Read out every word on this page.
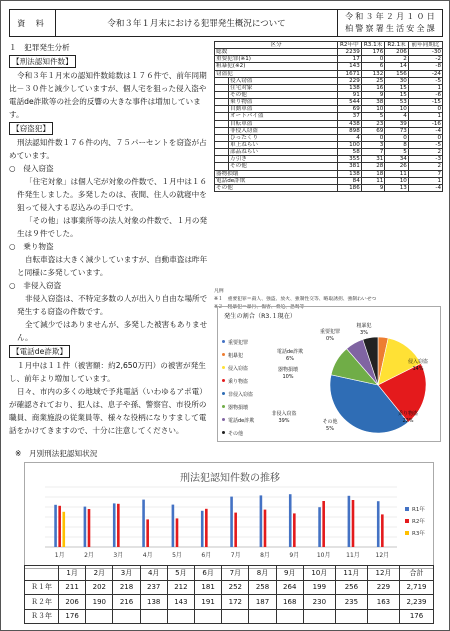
資 料	令和３年１月末における犯罪発生概況について
令和３年２月１０日
柏警察署生活安全課

１　犯罪発生分析

【刑法認知件数】

令和３年１月末の認知件数総数は１７６件で、前年同期比－３０件と減少していますが、個人宅を狙った侵入盗や電話de詐欺等の社会的反響の大きな事件は増加しています。

【窃盗犯】

刑法認知件数１７６件の内、７５パーセントを窃盗が占めています。

○　侵入窃盗

「住宅対象」は個人宅が対象の件数で、１月中は１６件発生しました。多発したのは、夜間、住人の就寝中を狙って侵入する忍込みの手口です。

「その他」は事業所等の法人対象の件数で、１月の発生は９件でした。

○　乗り物盗

自転車盗は大きく減少していますが、自動車盗は昨年と同様に多発しています。

○　非侵入窃盗

非侵入窃盗は、不特定多数の人が出入り自由な場所で発生する窃盗の件数です。

全て減少ではありませんが、多発した被害もありません。

【電話de詐欺】

１月中は１１件（被害額：約2,650万円）の被害が発生し、前年より増加しています。

日々、市内の多くの地域で予兆電話（いわゆるアポ電）が確認されており、犯人は、息子や孫、警察官、市役所の職員、商業施設の従業員等、様々な役柄になりすまして電話をかけてきますので、十分に注意してください。

区分		R2年中	R3.1末	R2.1末	前年同期比
総数		2239	176	206	-30
重要犯罪(※1)		17	0	2	-2
粗暴犯(※2)		143	6	14	-8
窃盗犯		1671	132	156	-24
	侵入窃盗	229	25	30	-5
	住宅対象	138	16	15	1
	その他	91	9	15	-6
	乗り物盗	544	38	53	-15
	自動車盗	69	10	10	0
	オートバイ盗	37	5	4	1
	自転車盗	438	23	39	-16
	非侵入窃盗	898	69	73	-4
	ひったくり	4	0	0	0
	車上ねらい	100	3	8	-5
	部品ねらい	58	7	5	2
	万引き	355	31	34	-3
	その他	381	28	26	2
器物損壊		138	18	11	7
電話de詐欺		84	11	10	1
その他		186	9	13	-4
凡例
※１　重要犯罪＝殺人、強盗、放火、強制性交等、略取誘拐、強制わいせつ
※２　粗暴犯＝暴行、傷害、脅迫、恐喝等
発生の割合（R3.１現在）
重要犯罪
粗暴犯
侵入窃盗
乗り物盗
非侵入窃盗
器物損壊
電話de詐欺
その他
重要犯罪
0%
粗暴犯
3%
侵入窃盗
14%
乗り物盗
22%
非侵入窃盗
39%
器物損壊
10%
電話de詐欺
6%
その他
5%
※　月別刑法犯認知状況
1月	2月	3月	4月	5月	6月	7月	8月	9月	10月	11月	12月
R1年
R2年
R3年
刑法犯認知件数の推移
	1月	2月	3月	4月	5月	6月	7月	8月	9月	10月	11月	12月	合計
Ｒ１年	211	202	218	237	212	181	252	258	264	199	256	229	2,719
Ｒ２年	206	190	216	138	143	191	172	187	168	230	235	163	2,239
Ｒ３年	176												176
